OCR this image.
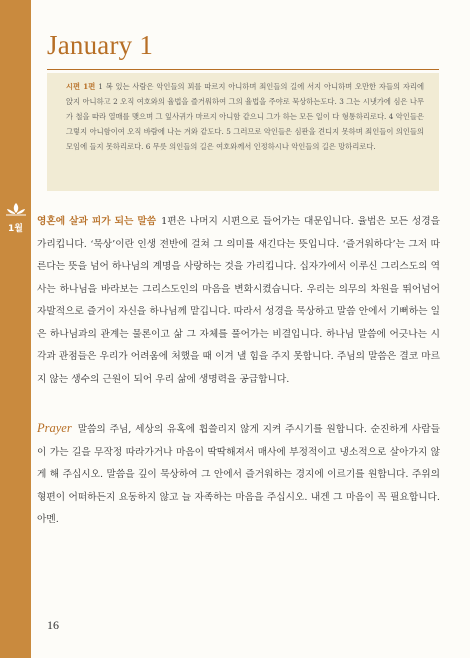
1월
January 1

시편 1편 1 복 있는 사람은 악인들의 꾀를 따르지 아니하며 죄인들의 길에 서지 아니하며 오만한 자들의 자리에 앉지 아니하고 2 오직 여호와의 율법을 즐거워하여 그의 율법을 주야로 묵상하는도다. 3 그는 시냇가에 심은 나무가 철을 따라 열매를 맺으며 그 잎사귀가 마르지 아니함 같으니 그가 하는 모든 일이 다 형통하리로다. 4 악인들은 그렇지 아니함이여 오직 바람에 나는 겨와 같도다. 5 그러므로 악인들은 심판을 견디지 못하며 죄인들이 의인들의 모임에 들지 못하리로다. 6 무릇 의인들의 길은 여호와께서 인정하시나 악인들의 길은 망하리로다.

영혼에 살과 피가 되는 말씀 1편은 나머지 시편으로 들어가는 대문입니다. 율법은 모든 성경을 가리킵니다. ‘묵상’이란 인생 전반에 걸쳐 그 의미를 새긴다는 뜻입니다. ‘즐거워하다’는 그저 따른다는 뜻을 넘어 하나님의 계명을 사랑하는 것을 가리킵니다. 십자가에서 이루신 그리스도의 역사는 하나님을 바라보는 그리스도인의 마음을 변화시켰습니다. 우리는 의무의 차원을 뛰어넘어 자발적으로 즐거이 자신을 하나님께 맡깁니다. 따라서 성경을 묵상하고 말씀 안에서 기뻐하는 일은 하나님과의 관계는 물론이고 삶 그 자체를 풀어가는 비결입니다. 하나님 말씀에 어긋나는 시각과 관점들은 우리가 어려움에 처했을 때 이겨 낼 힘을 주지 못합니다. 주님의 말씀은 결코 마르지 않는 생수의 근원이 되어 우리 삶에 생명력을 공급합니다.

Prayer 말씀의 주님, 세상의 유혹에 휩쓸리지 않게 지켜 주시기를 원합니다. 순진하게 사람들이 가는 길을 무작정 따라가거나 마음이 딱딱해져서 매사에 부정적이고 냉소적으로 살아가지 않게 해 주십시오. 말씀을 깊이 묵상하여 그 안에서 즐거워하는 경지에 이르기를 원합니다. 주위의 형편이 어떠하든지 요동하지 않고 늘 자족하는 마음을 주십시오. 내겐 그 마음이 꼭 필요합니다. 아멘.

16
